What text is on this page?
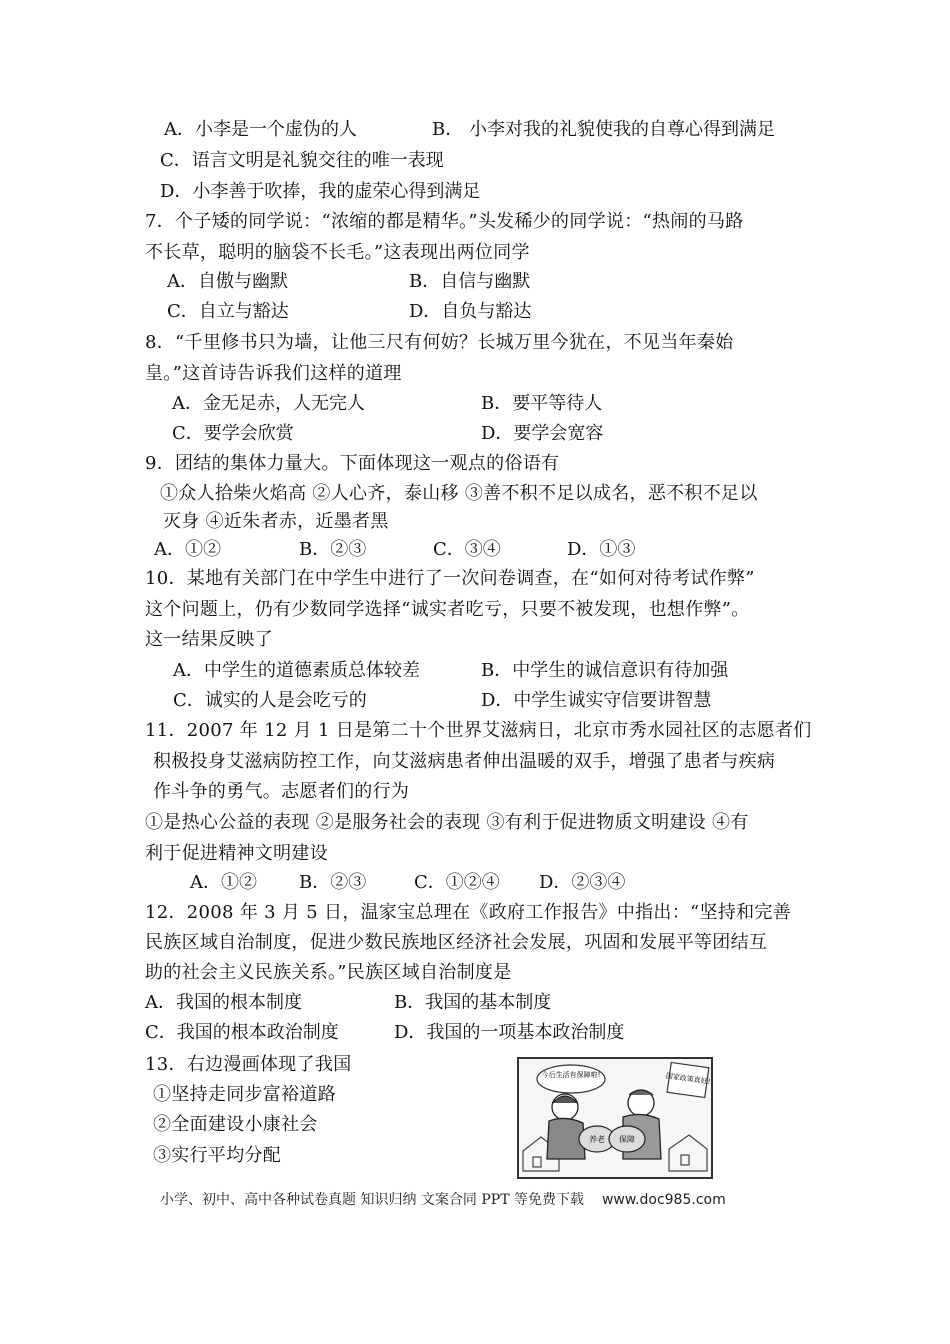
A．小李是一个虚伪的人	B． 小李对我的礼貌使我的自尊心得到满足
C．语言文明是礼貌交往的唯一表现
D．小李善于吹捧，我的虚荣心得到满足
7．个子矮的同学说：“浓缩的都是精华。”头发稀少的同学说：“热闹的马路
不长草，聪明的脑袋不长毛。”这表现出两位同学
A．自傲与幽默	B．自信与幽默
C．自立与豁达	D．自负与豁达
8．“千里修书只为墙，让他三尺有何妨？长城万里今犹在，不见当年秦始
皇。”这首诗告诉我们这样的道理
A．金无足赤，人无完人	B．要平等待人
C．要学会欣赏	D．要学会宽容
9．团结的集体力量大。下面体现这一观点的俗语有
①众人拾柴火焰高 ②人心齐，泰山移 ③善不积不足以成名，恶不积不足以
灭身 ④近朱者赤，近墨者黑
A．①②	B．②③	C．③④	D．①③
10．某地有关部门在中学生中进行了一次问卷调查，在“如何对待考试作弊”
这个问题上，仍有少数同学选择“诚实者吃亏，只要不被发现，也想作弊”。
这一结果反映了
A．中学生的道德素质总体较差	B．中学生的诚信意识有待加强
C．诚实的人是会吃亏的	D．中学生诚实守信要讲智慧
11．2007 年 12 月 1 日是第二十个世界艾滋病日，北京市秀水园社区的志愿者们
积极投身艾滋病防控工作，向艾滋病患者伸出温暖的双手，增强了患者与疾病
作斗争的勇气。志愿者们的行为
①是热心公益的表现 ②是服务社会的表现 ③有利于促进物质文明建设 ④有
利于促进精神文明建设
A．①② B．②③	C．①②④ D．②③④
12．2008 年 3 月 5 日，温家宝总理在《政府工作报告》中指出：“坚持和完善
民族区域自治制度，促进少数民族地区经济社会发展，巩固和发展平等团结互
助的社会主义民族关系。”民族区域自治制度是
A．我国的根本制度	B．我国的基本制度
C．我国的根本政治制度	D．我国的一项基本政治制度
13．右边漫画体现了我国
①坚持走同步富裕道路
②全面建设小康社会
③实行平均分配
今后生活有保障啦!	国家政策真好!
养老 保障
小学、初中、高中各种试卷真题 知识归纳 文案合同 PPT 等免费下载 www.doc985.com
